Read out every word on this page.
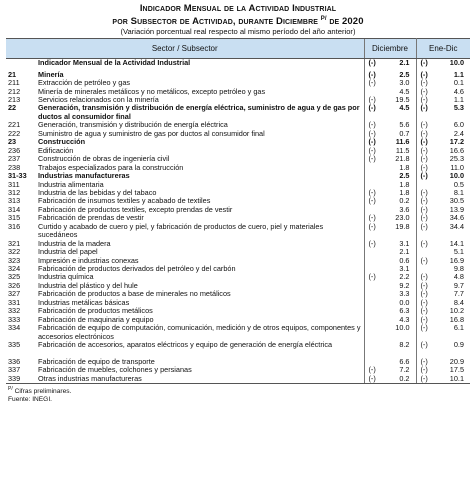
Indicador Mensual de la Actividad Industrial
por Subsector de Actividad, durante Diciembre $^{P/}$ de 2020
(Variación porcentual real respecto al mismo período del año anterior)
Sector / Subsector		Diciembre	Ene-Dic
	Indicador Mensual de la Actividad Industrial	(-) 2.1	(-) 10.0

21	Minería	(-) 2.5	(-) 1.1

211	Extracción de petróleo y gas	(-) 3.0	(-) 0.1

212	Minería de minerales metálicos y no metálicos, excepto petróleo y gas	4.5	(-) 4.6

213	Servicios relacionados con la minería	(-) 19.5	(-) 1.1

22	Generación, transmisión y distribución de energía eléctrica, suministro de agua y de gas por ductos al consumidor final	(-) 4.5	(-) 5.3

221	Generación, transmisión y distribución de energía eléctrica	(-) 5.6	(-) 6.0

222	Suministro de agua y suministro de gas por ductos al consumidor final	(-) 0.7	(-) 2.4

23	Construcción	(-) 11.6	(-) 17.2

236	Edificación	(-) 11.5	(-) 16.6

237	Construcción de obras de ingeniería civil	(-) 21.8	(-) 25.3

238	Trabajos especializados para la construcción	1.8	(-) 11.0

31-33	Industrias manufactureras	2.5	(-) 10.0

311	Industria alimentaria	1.8	0.5

312	Industria de las bebidas y del tabaco	(-) 1.8	(-) 8.1

313	Fabricación de insumos textiles y acabado de textiles	(-) 0.2	(-) 30.5

314	Fabricación de productos textiles, excepto prendas de vestir	3.6	(-) 13.9

315	Fabricación de prendas de vestir	(-) 23.0	(-) 34.6

316	Curtido y acabado de cuero y piel, y fabricación de productos de cuero, piel y materiales sucedáneos	(-) 19.8	(-) 34.4

321	Industria de la madera	(-) 3.1	(-) 14.1

322	Industria del papel	2.1	5.1

323	Impresión e industrias conexas	0.6	(-) 16.9

324	Fabricación de productos derivados del petróleo y del carbón	3.1	9.8

325	Industria química	(-) 2.2	(-) 4.8

326	Industria del plástico y del hule	9.2	(-) 9.7

327	Fabricación de productos a base de minerales no metálicos	3.3	(-) 7.7

331	Industrias metálicas básicas	0.0	(-) 8.4

332	Fabricación de productos metálicos	6.3	(-) 10.2

333	Fabricación de maquinaria y equipo	4.3	(-) 16.8

334	Fabricación de equipo de computación, comunicación, medición y de otros equipos, componentes y accesorios electrónicos	10.0	(-) 6.1

335	Fabricación de accesorios, aparatos eléctricos y equipo de generación de energía eléctrica	8.2	(-) 0.9

336	Fabricación de equipo de transporte	6.6	(-) 20.9

337	Fabricación de muebles, colchones y persianas	(-) 7.2	(-) 17.5

339	Otras industrias manufactureras	(-) 0.2	(-) 10.1
$^{P/}$ Cifras preliminares.
Fuente: INEGI.
